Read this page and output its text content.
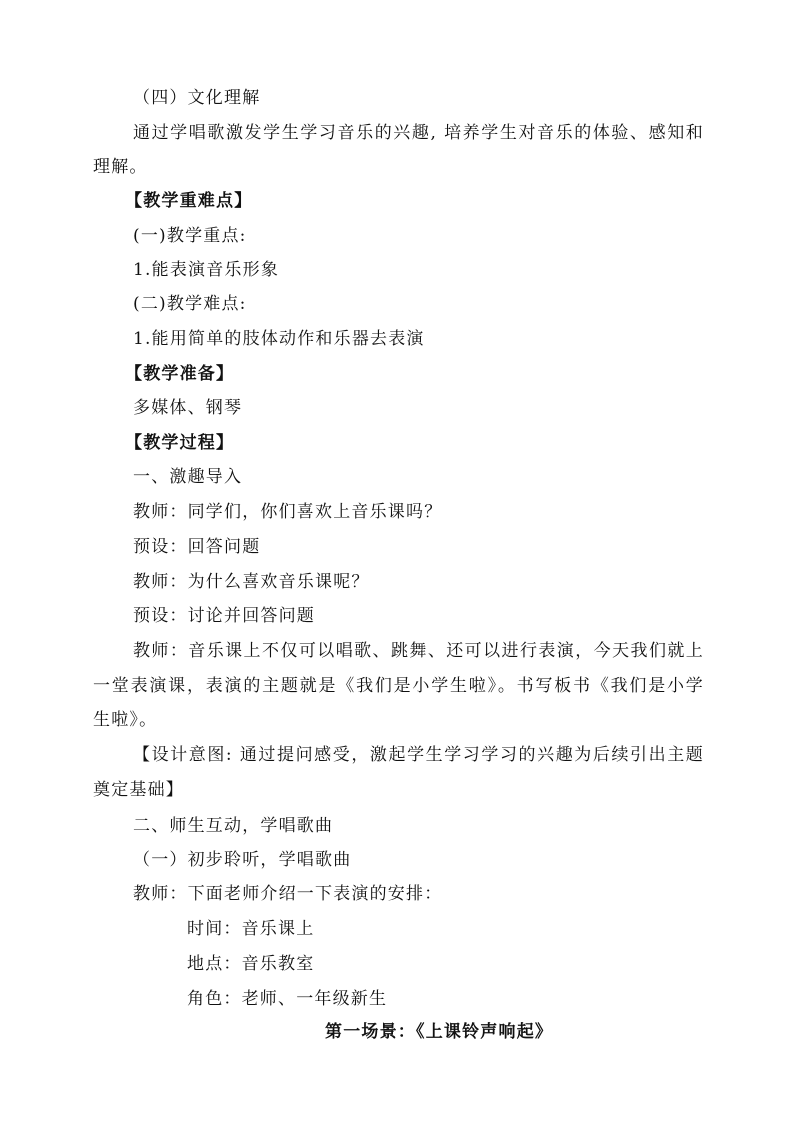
（四）文化理解
通过学唱歌激发学生学习音乐的兴趣, 培养学生对音乐的体验、感知和
理解。
【教学重难点】
(一)教学重点:
1.能表演音乐形象
(二)教学难点:
1.能用简单的肢体动作和乐器去表演
【教学准备】
多媒体、钢琴
【教学过程】
一、激趣导入
教师：同学们，你们喜欢上音乐课吗？
预设：回答问题
教师：为什么喜欢音乐课呢？
预设：讨论并回答问题
教师：音乐课上不仅可以唱歌、跳舞、还可以进行表演，今天我们就上
一堂表演课，表演的主题就是《我们是小学生啦》。书写板书《我们是小学
生啦》。
【设计意图: 通过提问感受，激起学生学习学习的兴趣为后续引出主题
奠定基础】
二、师生互动，学唱歌曲
（一）初步聆听，学唱歌曲
教师：下面老师介绍一下表演的安排：
时间：音乐课上
地点：音乐教室
角色：老师、一年级新生
第一场景：《上课铃声响起》
